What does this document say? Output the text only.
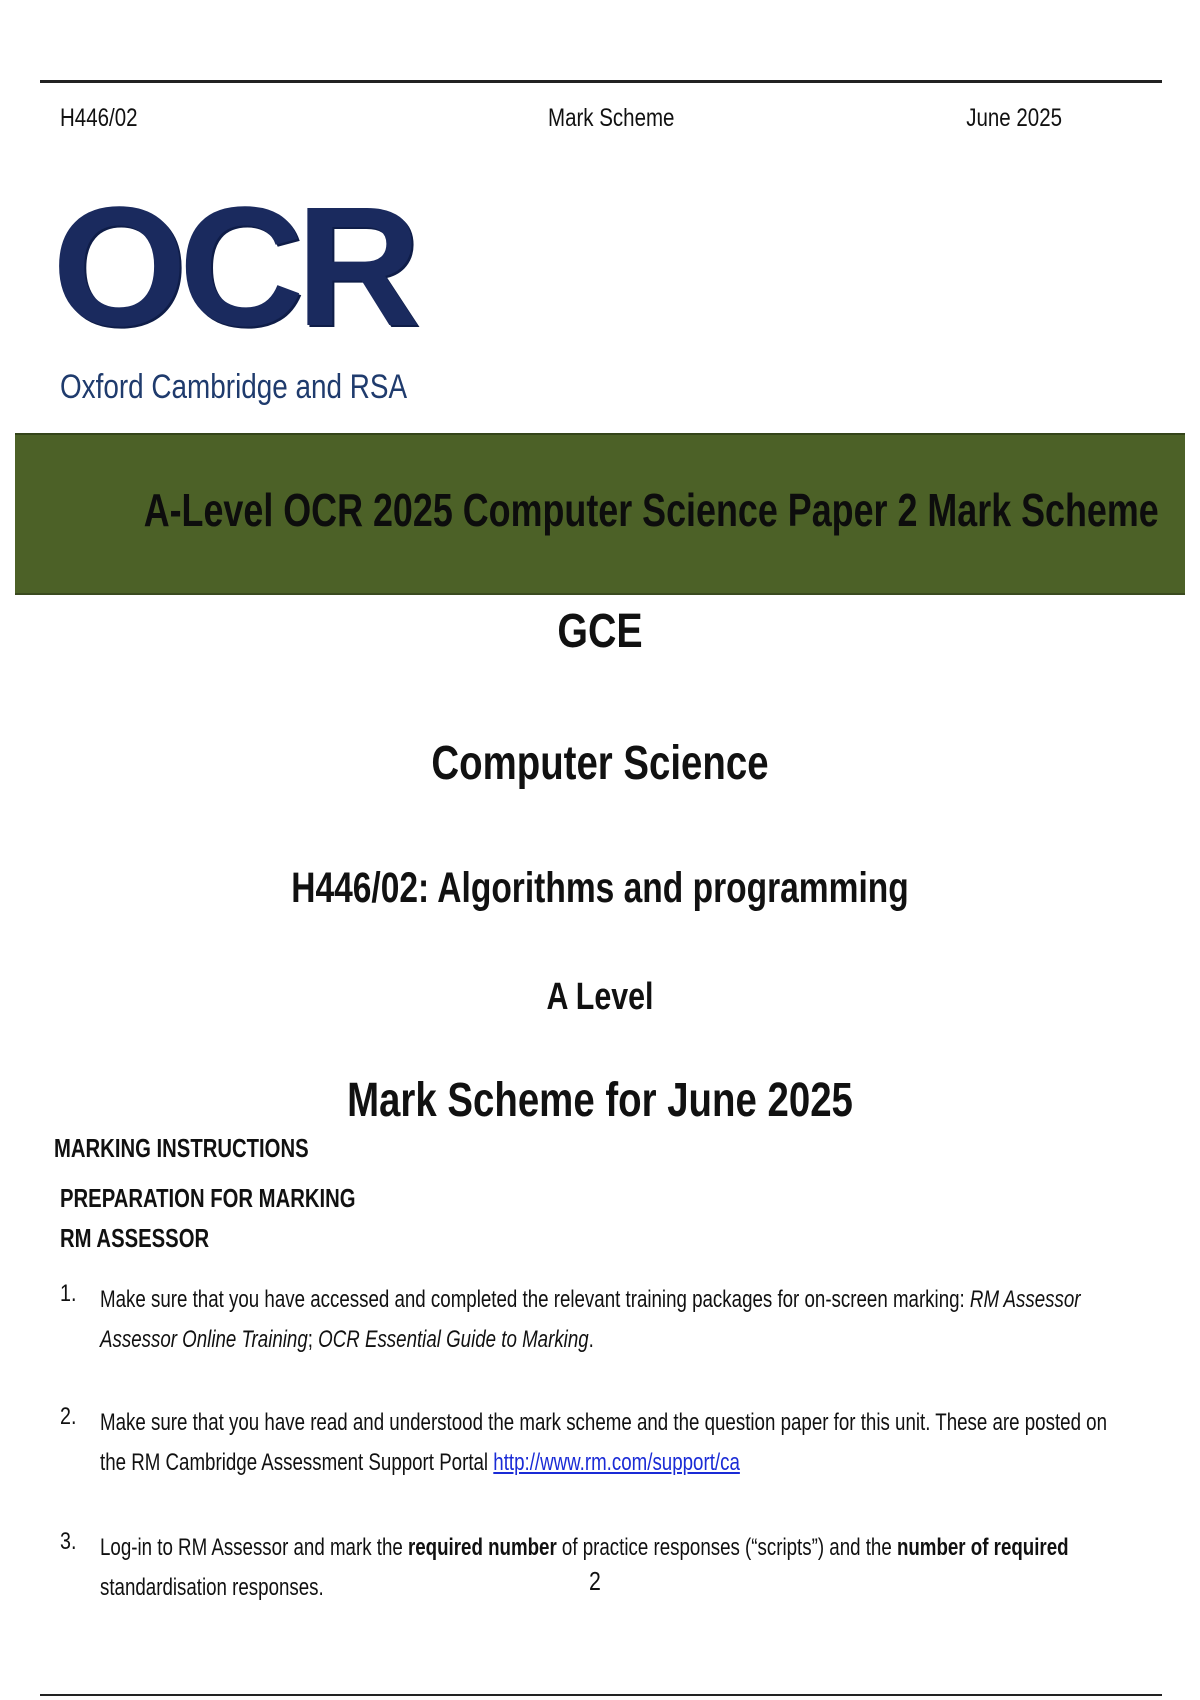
H446/02	Mark Scheme	June 2025
OCR
Oxford Cambridge and RSA
A-Level OCR 2025 Computer Science Paper 2 Mark Scheme
GCE
Computer Science
H446/02: Algorithms and programming
A Level
Mark Scheme for June 2025
MARKING INSTRUCTIONS
PREPARATION FOR MARKING
RM ASSESSOR
1. Make sure that you have accessed and completed the relevant training packages for on-screen marking: RM Assessor Assessor Online Training; OCR Essential Guide to Marking.
2. Make sure that you have read and understood the mark scheme and the question paper for this unit. These are posted on the RM Cambridge Assessment Support Portal http://www.rm.com/support/ca
3. Log-in to RM Assessor and mark the required number of practice responses (“scripts”) and the number of required standardisation responses.	2
